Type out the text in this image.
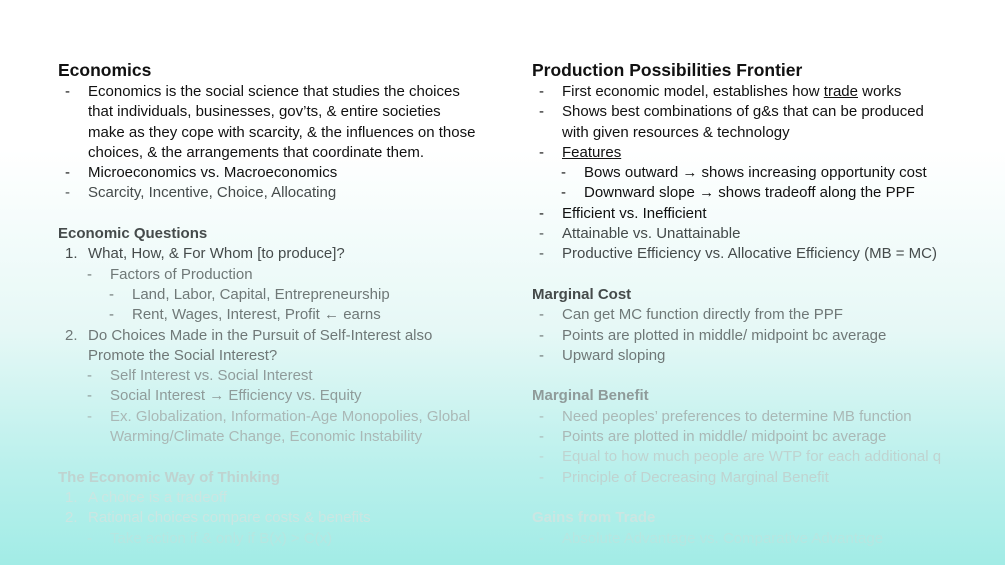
Economics
- Economics is the social science that studies the choices
that individuals, businesses, gov’ts, & entire societies
make as they cope with scarcity, & the influences on those
choices, & the arrangements that coordinate them.
- Microeconomics vs. Macroeconomics
- Scarcity, Incentive, Choice, Allocating
Economic Questions
1. What, How, & For Whom [to produce]?
- Factors of Production
- Land, Labor, Capital, Entrepreneurship
- Rent, Wages, Interest, Profit ← earns
2. Do Choices Made in the Pursuit of Self-Interest also
Promote the Social Interest?
- Self Interest vs. Social Interest
- Social Interest → Efficiency vs. Equity
- Ex. Globalization, Information-Age Monopolies, Global
Warming/Climate Change, Economic Instability
The Economic Way of Thinking
1. A choice is a tradeoff
2. Rational choices compare costs & benefits
- Take action if & only if B(x) > C(x)
Production Possibilities Frontier
- First economic model, establishes how trade works
- Shows best combinations of g&s that can be produced
with given resources & technology
- Features
- Bows outward → shows increasing opportunity cost
- Downward slope → shows tradeoff along the PPF
- Efficient vs. Inefficient
- Attainable vs. Unattainable
- Productive Efficiency vs. Allocative Efficiency (MB = MC)
Marginal Cost
- Can get MC function directly from the PPF
- Points are plotted in middle/ midpoint bc average
- Upward sloping
Marginal Benefit
- Need peoples’ preferences to determine MB function
- Points are plotted in middle/ midpoint bc average
- Equal to how much people are WTP for each additional q
- Principle of Decreasing Marginal Benefit
Gains from Trade
- Absolute Advantage vs. Comparative Advantage
